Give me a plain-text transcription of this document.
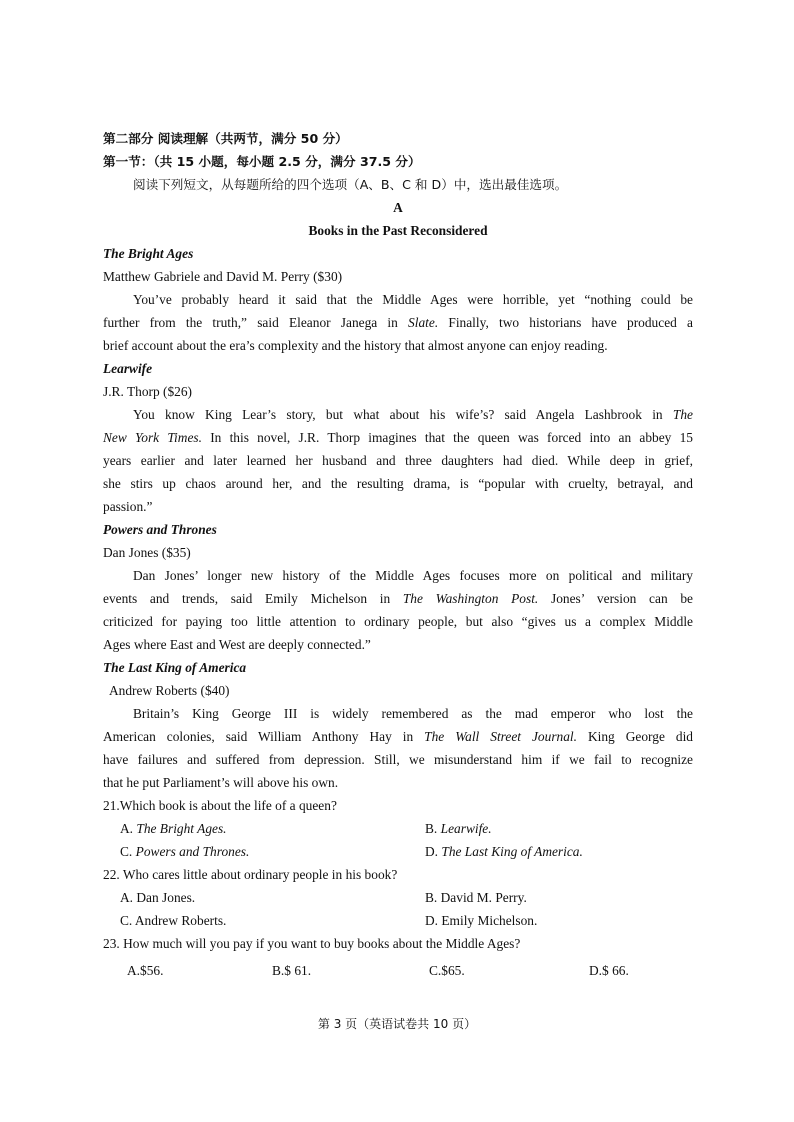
第二部分 阅读理解（共两节，满分 50 分）
第一节：（共 15 小题，每小题 2.5 分，满分 37.5 分）
阅读下列短文，从每题所给的四个选项（A、B、C 和 D）中，选出最佳选项。
A
Books in the Past Reconsidered
The Bright Ages
Matthew Gabriele and David M. Perry ($30)
You’ve probably heard it said that the Middle Ages were horrible, yet “nothing could be
further from the truth,” said Eleanor Janega in Slate. Finally, two historians have produced a
brief account about the era’s complexity and the history that almost anyone can enjoy reading.
Learwife
J.R. Thorp ($26)
You know King Lear’s story, but what about his wife’s? said Angela Lashbrook in The
New York Times. In this novel, J.R. Thorp imagines that the queen was forced into an abbey 15
years earlier and later learned her husband and three daughters had died. While deep in grief,
she stirs up chaos around her, and the resulting drama, is “popular with cruelty, betrayal, and
passion.”
Powers and Thrones
Dan Jones ($35)
Dan Jones’ longer new history of the Middle Ages focuses more on political and military
events and trends, said Emily Michelson in The Washington Post. Jones’ version can be
criticized for paying too little attention to ordinary people, but also “gives us a complex Middle
Ages where East and West are deeply connected.”
The Last King of America
Andrew Roberts ($40)
Britain’s King George III is widely remembered as the mad emperor who lost the
American colonies, said William Anthony Hay in The Wall Street Journal. King George did
have failures and suffered from depression. Still, we misunderstand him if we fail to recognize
that he put Parliament’s will above his own.
21.Which book is about the life of a queen?
A. The Bright Ages.	B. Learwife.
C. Powers and Thrones.	D. The Last King of America.
22. Who cares little about ordinary people in his book?
A. Dan Jones.	B. David M. Perry.
C. Andrew Roberts.	D. Emily Michelson.
23. How much will you pay if you want to buy books about the Middle Ages?
A.$56.	B.$ 61.	C.$65.	D.$ 66.
第 3 页（英语试卷共 10 页）
